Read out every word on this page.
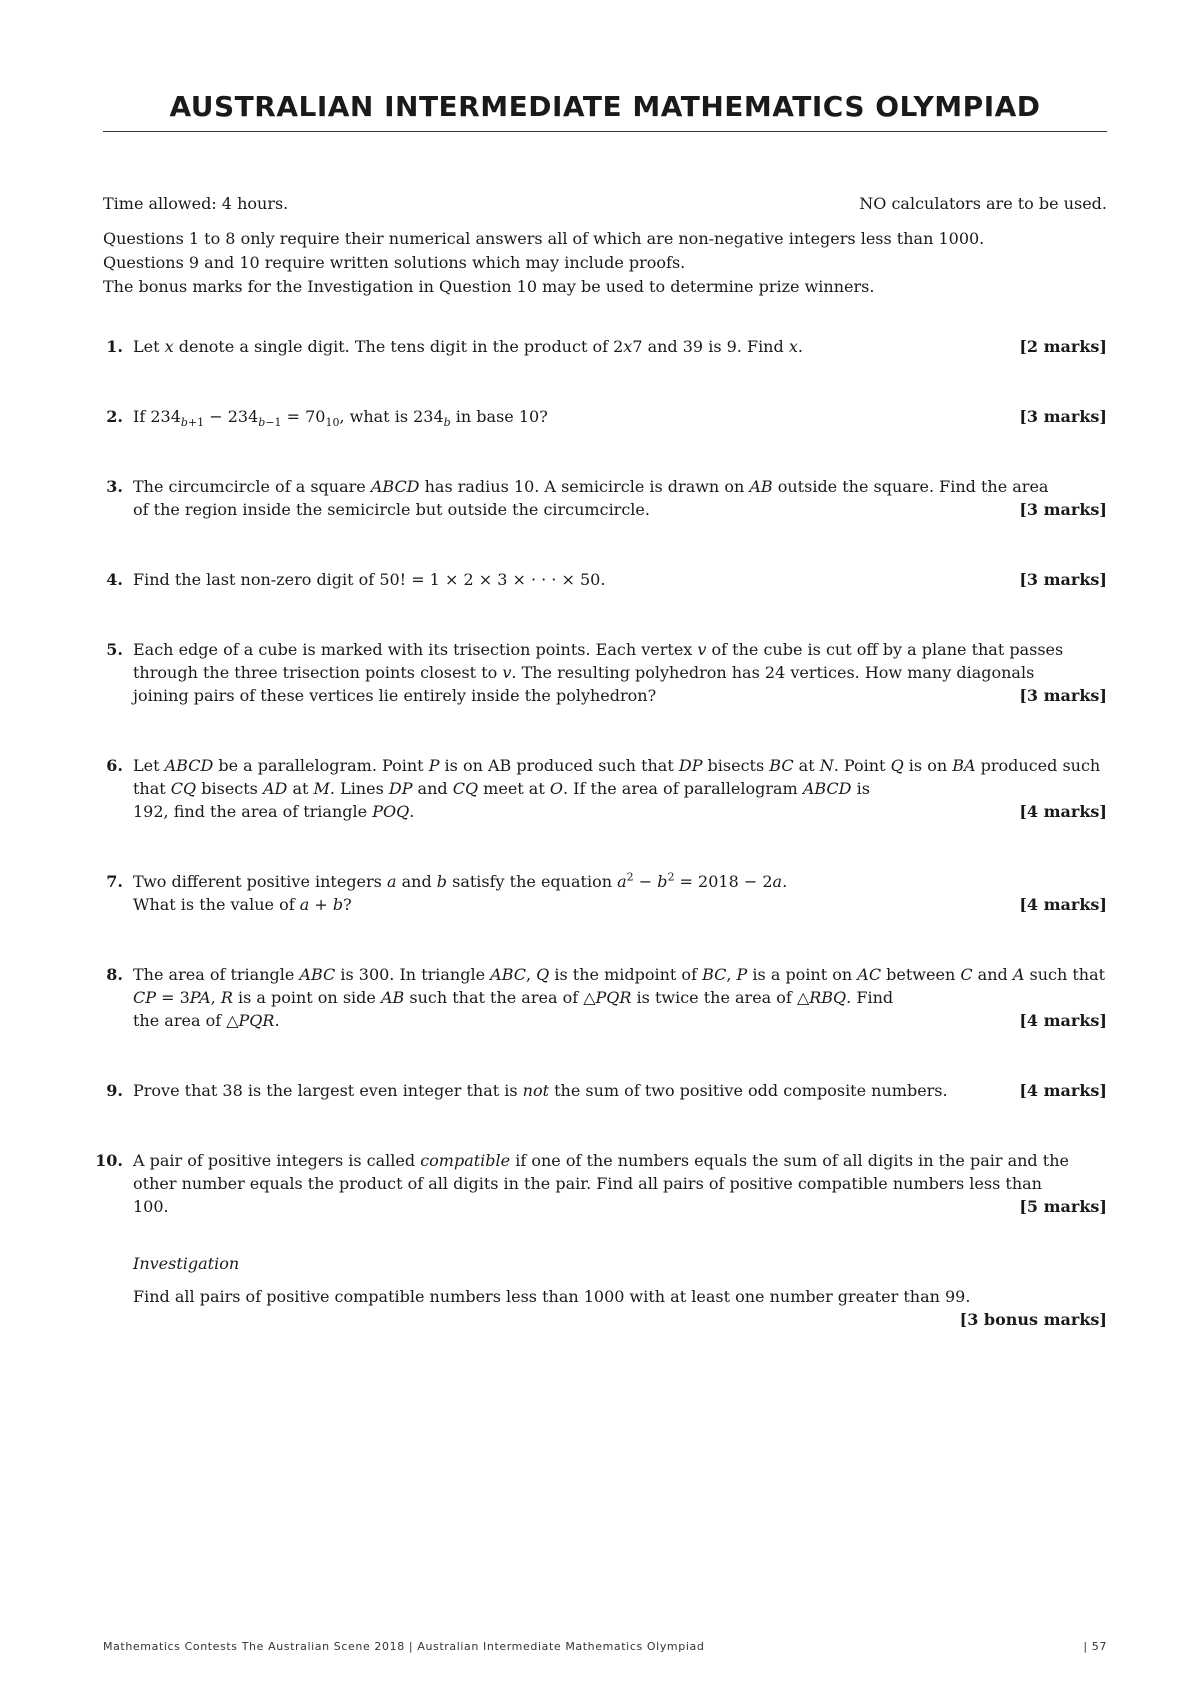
AUSTRALIAN INTERMEDIATE MATHEMATICS OLYMPIAD
Time allowed: 4 hours.	NO calculators are to be used.

Questions 1 to 8 only require their numerical answers all of which are non-negative integers less than 1000.

Questions 9 and 10 require written solutions which may include proofs.

The bonus marks for the Investigation in Question 10 may be used to determine prize winners.

1. Let x denote a single digit. The tens digit in the product of 2x7 and 39 is 9. Find x.	[2 marks]
2. If $234_{b+1} - 234_{b-1} = 70_{10}$, what is $234_b$ in base 10?	[3 marks]
3. The circumcircle of a square ABCD has radius 10. A semicircle is drawn on AB outside the square. Find the area
of the region inside the semicircle but outside the circumcircle.	[3 marks]
4. Find the last non-zero digit of 50! = 1 × 2 × 3 × · · · × 50.	[3 marks]
5. Each edge of a cube is marked with its trisection points. Each vertex v of the cube is cut off by a plane that passes through the three trisection points closest to v. The resulting polyhedron has 24 vertices. How many diagonals
joining pairs of these vertices lie entirely inside the polyhedron?	[3 marks]
6. Let ABCD be a parallelogram. Point P is on AB produced such that DP bisects BC at N. Point Q is on BA produced such that CQ bisects AD at M. Lines DP and CQ meet at O. If the area of parallelogram ABCD is
192, find the area of triangle POQ.	[4 marks]
7. Two different positive integers a and b satisfy the equation $a^2 - b^2 = 2018 - 2a$.
What is the value of a + b?	[4 marks]
8. The area of triangle ABC is 300. In triangle ABC, Q is the midpoint of BC, P is a point on AC between C and A such that CP = 3PA, R is a point on side AB such that the area of △PQR is twice the area of △RBQ. Find
the area of △PQR.	[4 marks]
9. Prove that 38 is the largest even integer that is not the sum of two positive odd composite numbers.	[4 marks]
10. A pair of positive integers is called compatible if one of the numbers equals the sum of all digits in the pair and the other number equals the product of all digits in the pair. Find all pairs of positive compatible numbers less than
100.	[5 marks]
Investigation
Find all pairs of positive compatible numbers less than 1000 with at least one number greater than 99.
[3 bonus marks]
Mathematics Contests The Australian Scene 2018 | Australian Intermediate Mathematics Olympiad	| 57
